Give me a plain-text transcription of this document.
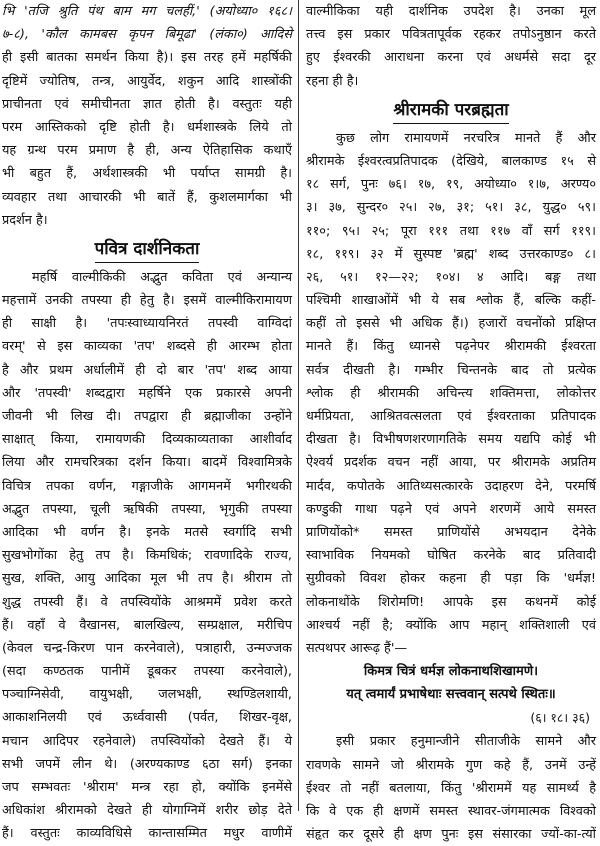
भि 'तजि श्रुति पंथ बाम मग चलहीं,' (अयोध्या० १६८।
७-८), 'कौल कामबस कृपन बिमूढा' (लंका०) आदिसे
ही इसी बातका समर्थन किया है)। इस तरह हमें महर्षिकी
दृष्टिमें ज्योतिष, तन्त्र, आयुर्वेद, शकुन आदि शास्त्रोंकी
प्राचीनता एवं समीचीनता ज्ञात होती है। वस्तुतः यही
परम आस्तिकको दृष्टि होती है। धर्मशास्त्रके लिये तो
यह ग्रन्थ परम प्रमाण है ही, अन्य ऐतिहासिक कथाएँ
भी बहुत हैं, अर्थशास्त्रकी भी पर्याप्त सामग्री है।
व्यवहार तथा आचारकी भी बातें हैं, कुशलमार्गका भी
प्रदर्शन है।
पवित्र दार्शनिकता
महर्षि वाल्मीकिकी अद्भुत कविता एवं अन्यान्य
महत्तामें उनकी तपस्या ही हेतु है। इसमें वाल्मीकिरामायण
ही साक्षी है। 'तपःस्वाध्यायनिरतं तपस्वी वाग्विदां
वरम्' से इस काव्यका 'तप' शब्दसे ही आरम्भ होता
है और प्रथम अर्धालीमें ही दो बार 'तप' शब्द आया
और 'तपस्वी' शब्दद्वारा महर्षिने एक प्रकारसे अपनी
जीवनी भी लिख दी। तपद्वारा ही ब्रह्माजीका उन्होंने
साक्षात् किया, रामायणकी दिव्यकाव्यताका आशीर्वाद
लिया और रामचरित्रका दर्शन किया। बादमें विश्वामित्रके
विचित्र तपका वर्णन, गङ्गाजीके आगमनमें भगीरथकी
अद्भुत तपस्या, चूली ऋषिकी तपस्या, भृगुकी तपस्या
आदिका भी वर्णन है। इनके मतसे स्वर्गादि सभी
सुखभोगोंका हेतु तप है। किमधिकं; रावणादिके राज्य,
सुख, शक्ति, आयु आदिका मूल भी तप है। श्रीराम तो
शुद्ध तपस्वी हैं। वे तपस्वियोंके आश्रममें प्रवेश करते
हैं। वहाँ वे वैखानस, बालखिल्य, सम्प्रक्षाल, मरीचिप
(केवल चन्द्र-किरण पान करनेवाले), पत्राहारी, उन्मज्जक
(सदा कण्ठतक पानीमें डूबकर तपस्या करनेवाले),
पञ्चाग्निसेवी, वायुभक्षी, जलभक्षी, स्थण्डिलशायी,
आकाशनिलयी एवं ऊर्ध्ववासी (पर्वत, शिखर-वृक्ष,
मचान आदिपर रहनेवाले) तपस्वियोंको देखते हैं। ये
सभी जपमें लीन थे। (अरण्यकाण्ड ६ठा सर्ग) इनका
जप सम्भवतः 'श्रीराम' मन्त्र रहा हो, क्योंकि इनमेंसे
अधिकांश श्रीरामको देखते ही योगाग्निमें शरीर छोड़ देते
हैं। वस्तुतः काव्यविधिसे कान्तासम्मित मधुर वाणीमें
वाल्मीकिका यही दार्शनिक उपदेश है। उनका मूल
तत्त्व इस प्रकार पवित्रतापूर्वक रहकर तपोऽनुष्ठान करते
हुए ईश्वरकी आराधना करना एवं अधर्मसे सदा दूर
रहना ही है।
श्रीरामकी परब्रह्मता
कुछ लोग रामायणमें नरचरित्र मानते हैं और
श्रीरामके ईश्वरत्वप्रतिपादक (देखिये, बालकाण्ड १५ से
१८ सर्ग, पुनः ७६। १७, १९, अयोध्या० १।७, अरण्य०
३। ३७, सुन्दर० २५। २७, ३१; ५१। ३८, युद्ध० ५९।
११०; ९५। २५; पूरा १११ तथा ११७ वाँ सर्ग ११९।
१८, ११९। ३२ में सुस्पष्ट 'ब्रह्म' शब्द उत्तरकाण्ड० ८।
२६, ५१। १२—२२; १०४। ४ आदि। बङ्ग तथा
पश्चिमी शाखाओंमें भी ये सब श्लोक हैं, बल्कि कहीं-
कहीं तो इससे भी अधिक हैं।) हजारों वचनोंको प्रक्षिप्त
मानते हैं। किंतु ध्यानसे पढ़नेपर श्रीरामकी ईश्वरता
सर्वत्र दीखती है। गम्भीर चिन्तनके बाद तो प्रत्येक
श्लोक ही श्रीरामकी अचिन्त्य शक्तिमत्ता, लोकोत्तर
धर्मप्रियता, आश्रितवत्सलता एवं ईश्वरताका प्रतिपादक
दीखता है। विभीषणशरणागतिके समय यद्यपि कोई भी
ऐश्वर्य प्रदर्शक वचन नहीं आया, पर श्रीरामके अप्रतिम
मार्दव, कपोतके आतिथ्यसत्कारके उदाहरण देने, परमर्षि
कण्डुकी गाथा पढ़ने एवं अपने शरणमें आये समस्त
प्राणियोंको* समस्त प्राणियोंसे अभयदान देनेके
स्वाभाविक नियमको घोषित करनेके बाद प्रतिवादी
सुग्रीवको विवश होकर कहना ही पड़ा कि 'धर्मज्ञ!
लोकनाथोंके शिरोमणि! आपके इस कथनमें कोई
आश्चर्य नहीं है; क्योंकि आप महान् शक्तिशाली एवं
सत्पथपर आरूढ़ हैं'—
किमत्र चित्रं धर्मज्ञ लोकनाथशिखामणे।
यत् त्वमार्यं प्रभाषेथाः सत्त्ववान् सत्पथे स्थितः॥
(६। १८। ३६)
इसी प्रकार हनुमान्जीने सीताजीके सामने और
रावणके सामने जो श्रीरामके गुण कहे हैं, उनमें उन्हें
ईश्वर तो नहीं बतलाया, किंतु 'श्रीराममें यह सामर्थ्य है
कि वे एक ही क्षणमें समस्त स्थावर-जंगमात्मक विश्वको
संहृत कर दूसरे ही क्षण पुनः इस संसारका ज्यों-का-त्यों
